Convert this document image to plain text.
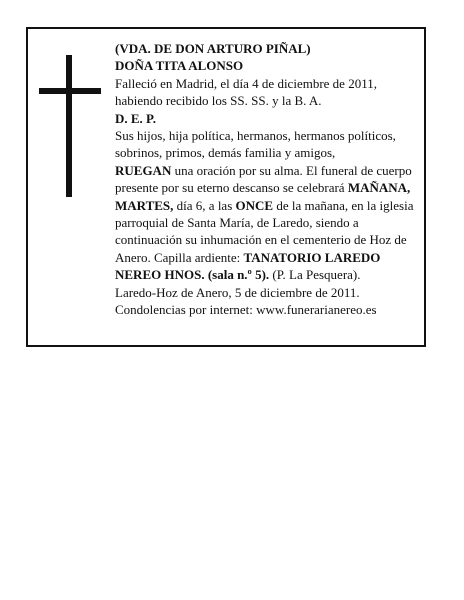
(VDA. DE DON ARTURO PIÑAL)

DOÑA TITA ALONSO

Falleció en Madrid, el día 4 de diciembre de 2011, habiendo recibido los SS. SS. y la B. A.

D. E. P.

Sus hijos, hija política, hermanos, hermanos políticos, sobrinos, primos, demás familia y amigos,

RUEGAN una oración por su alma. El funeral de cuerpo presente por su eterno descanso se celebrará MAÑANA, MARTES, día 6, a las ONCE de la mañana, en la iglesia parroquial de Santa María, de Laredo, siendo a continuación su inhumación en el cementerio de Hoz de Anero. Capilla ardiente: TANATORIO LAREDO NEREO HNOS. (sala n.º 5). (P. La Pesquera).

Laredo-Hoz de Anero, 5 de diciembre de 2011.

Condolencias por internet: www.funerarianereo.es
